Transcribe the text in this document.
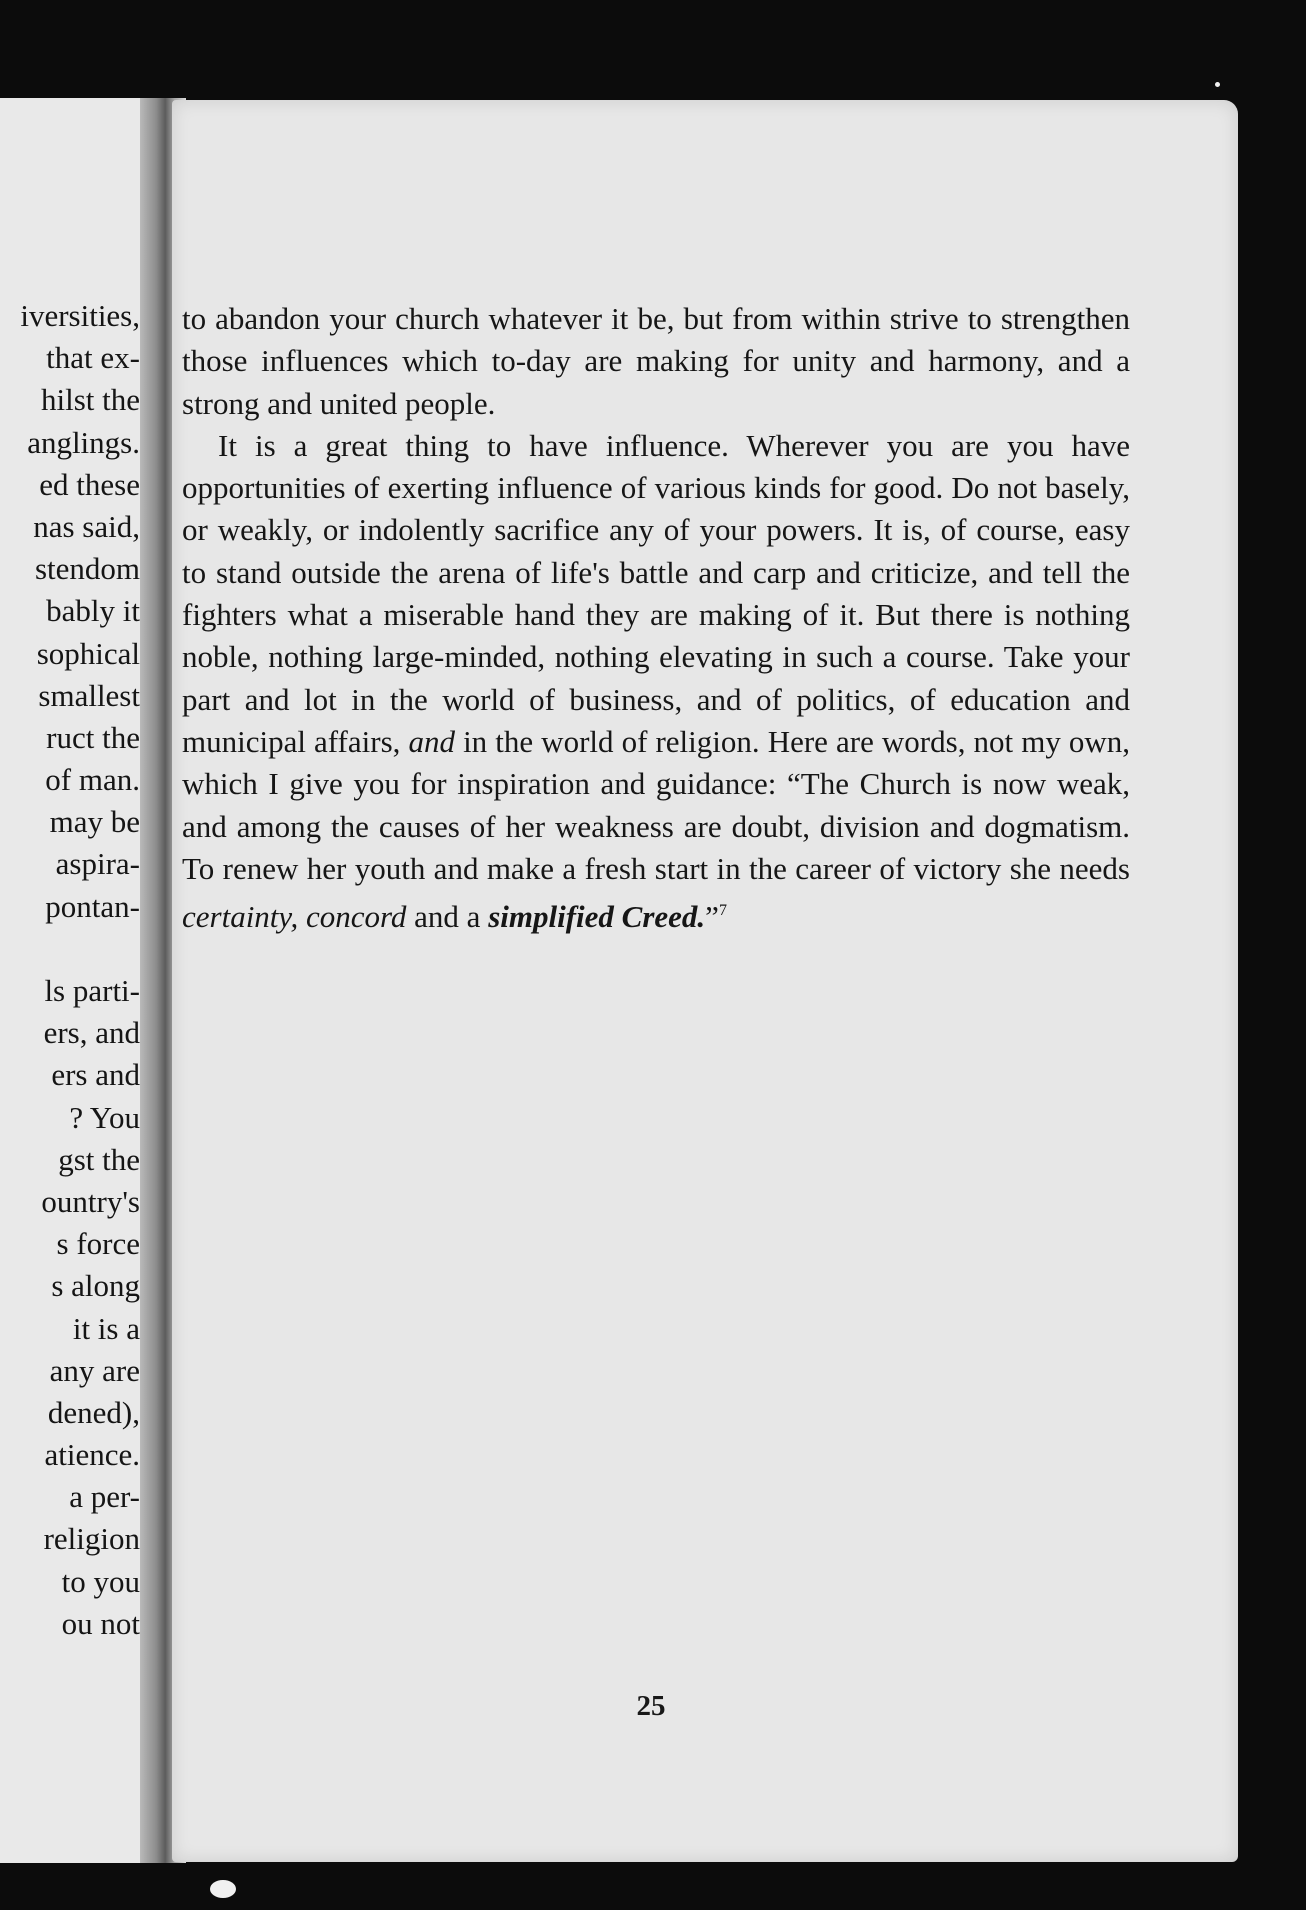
iversities,
that ex-
hilst the
anglings.
ed these
nas said,
stendom
bably it
sophical
smallest
ruct the
of man.
may be
aspira-
pontan-
ls parti-
ers, and
ers and
? You
gst the
ountry's
s force
s along
it is a
any are
dened),
atience.
a per-
religion
to you
ou not

to abandon your church whatever it be, but from within strive to strengthen those influences which to-day are making for unity and harmony, and a strong and united people.

It is a great thing to have influence. Wherever you are you have opportunities of exerting influence of various kinds for good. Do not basely, or weakly, or indolently sacrifice any of your powers. It is, of course, easy to stand outside the arena of life's battle and carp and criticize, and tell the fighters what a miserable hand they are making of it. But there is nothing noble, nothing large-minded, nothing elevating in such a course. Take your part and lot in the world of business, and of politics, of education and municipal affairs, and in the world of religion. Here are words, not my own, which I give you for inspiration and guidance: “The Church is now weak, and among the causes of her weakness are doubt, division and dogmatism. To renew her youth and make a fresh start in the career of victory she needs certainty, concord and a simplified Creed.”$^7$

25
